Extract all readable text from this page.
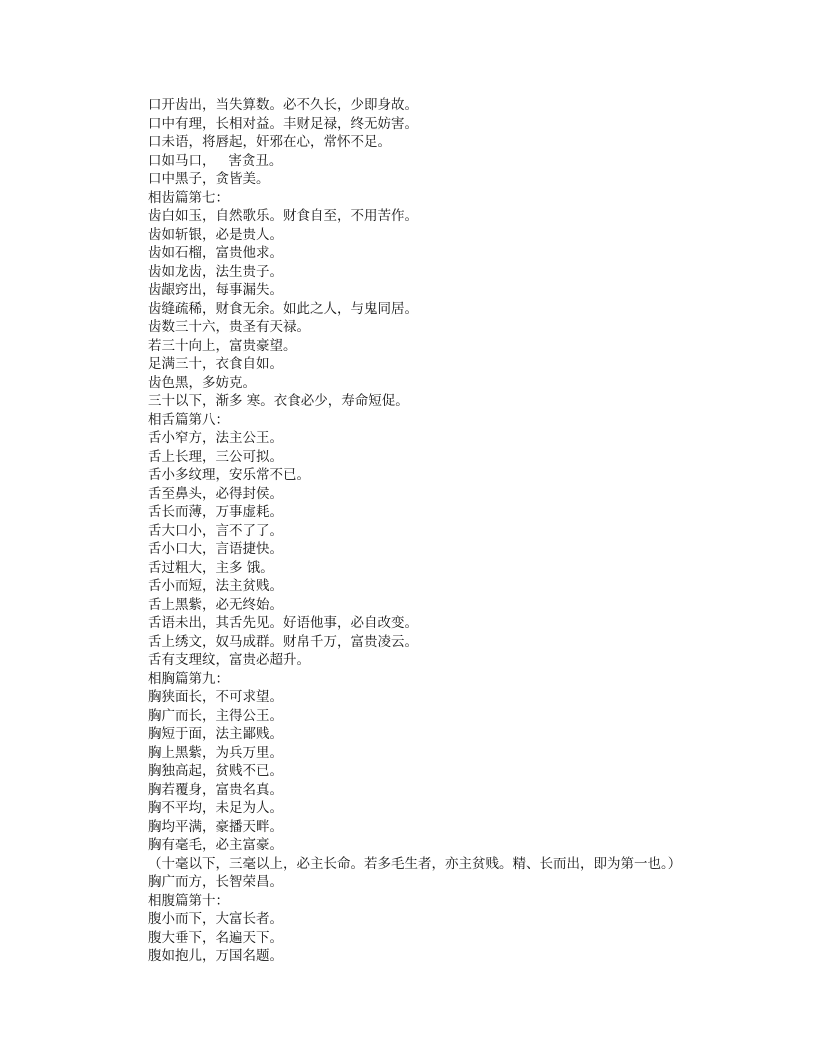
口开齿出，当失算数。必不久长，少即身故。
口中有理，长相对益。丰财足禄，终无妨害。
口未语，将唇起，奸邪在心，常怀不足。
口如马口，   害贪丑。
口中黑子，贪皆美。
相齿篇第七：
齿白如玉，自然歌乐。财食自至，不用苦作。
齿如斩银，必是贵人。
齿如石榴，富贵他求。
齿如龙齿，法生贵子。
齿龈窍出，每事漏失。
齿缝疏稀，财食无余。如此之人，与鬼同居。
齿数三十六，贵圣有天禄。
若三十向上，富贵豪望。
足满三十，衣食自如。
齿色黑，多妨克。
三十以下，渐多 寒。衣食必少，寿命短促。
相舌篇第八：
舌小窄方，法主公王。
舌上长理，三公可拟。
舌小多纹理，安乐常不已。
舌至鼻头，必得封侯。
舌长而薄，万事虚耗。
舌大口小，言不了了。
舌小口大，言语捷快。
舌过粗大，主多 饿。
舌小而短，法主贫贱。
舌上黑紫，必无终始。
舌语未出，其舌先见。好语他事，必自改变。
舌上绣文，奴马成群。财帛千万，富贵凌云。
舌有支理纹，富贵必超升。
相胸篇第九：
胸狭面长，不可求望。
胸广而长，主得公王。
胸短于面，法主鄙贱。
胸上黑紫，为兵万里。
胸独高起，贫贱不已。
胸若覆身，富贵名真。
胸不平均，未足为人。
胸均平满，豪播天畔。
胸有毫毛，必主富豪。
（十毫以下，三毫以上，必主长命。若多毛生者，亦主贫贱。精、长而出，即为第一也。）
胸广而方，长智荣昌。
相腹篇第十：
腹小而下，大富长者。
腹大垂下，名遍天下。
腹如抱儿，万国名题。
